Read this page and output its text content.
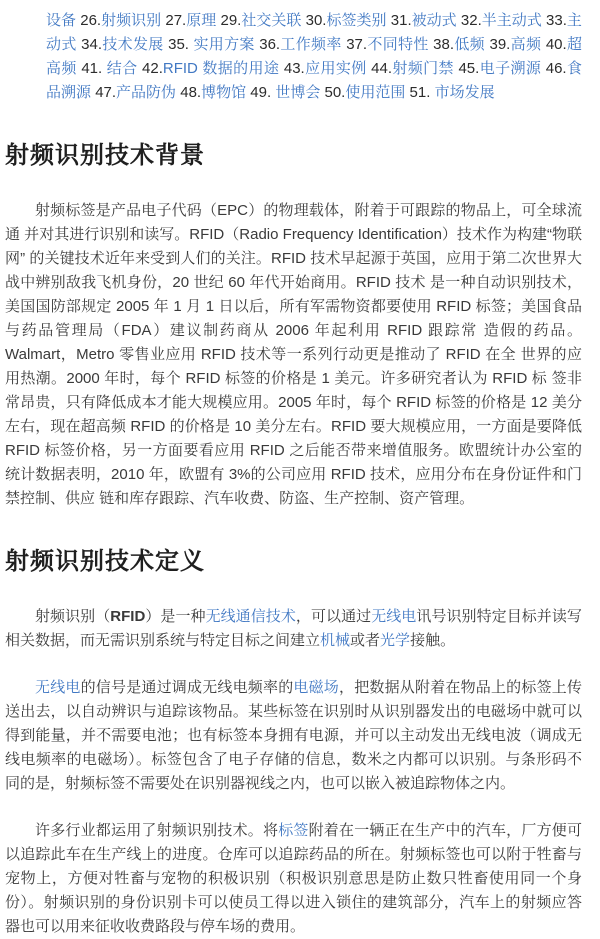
设备 26.射频识别 27.原理 29.社交关联 30.标签类别 31.被动式 32.半主动式 33.主动式 34.技术发展 35. 实用方案 36.工作频率 37.不同特性 38.低频 39.高频 40.超高频 41. 结合 42.RFID 数据的用途 43.应用实例 44.射频门禁 45.电子溯源 46.食品溯源 47.产品防伪 48.博物馆 49. 世博会 50.使用范围 51. 市场发展

射频识别技术背景

射频标签是产品电子代码（EPC）的物理载体，附着于可跟踪的物品上，可全球流通 并对其进行识别和读写。RFID（Radio Frequency Identification）技术作为构建“物联网” 的关键技术近年来受到人们的关注。RFID 技术早起源于英国，应用于第二次世界大战中辨别敌我飞机身份，20 世纪 60 年代开始商用。RFID 技术 是一种自动识别技术，美国国防部规定 2005 年 1 月 1 日以后，所有军需物资都要使用 RFID 标签；美国食品与药品管理局（FDA）建议制药商从 2006 年起利用 RFID 跟踪常 造假的药品。Walmart，Metro 零售业应用 RFID 技术等一系列行动更是推动了 RFID 在全 世界的应用热潮。2000 年时，每个 RFID 标签的价格是 1 美元。许多研究者认为 RFID 标 签非常昂贵，只有降低成本才能大规模应用。2005 年时，每个 RFID 标签的价格是 12 美分 左右，现在超高频 RFID 的价格是 10 美分左右。RFID 要大规模应用，一方面是要降低 RFID 标签价格，另一方面要看应用 RFID 之后能否带来增值服务。欧盟统计办公室的统计数据表明，2010 年，欧盟有 3%的公司应用 RFID 技术，应用分布在身份证件和门禁控制、供应 链和库存跟踪、汽车收费、防盗、生产控制、资产管理。

射频识别技术定义

射频识别（RFID）是一种无线通信技术，可以通过无线电讯号识别特定目标并读写相关数据，而无需识别系统与特定目标之间建立机械或者光学接触。

无线电的信号是通过调成无线电频率的电磁场，把数据从附着在物品上的标签上传送出去，以自动辨识与追踪该物品。某些标签在识别时从识别器发出的电磁场中就可以得到能量，并不需要电池；也有标签本身拥有电源，并可以主动发出无线电波（调成无线电频率的电磁场）。标签包含了电子存储的信息，数米之内都可以识别。与条形码不同的是，射频标签不需要处在识别器视线之内，也可以嵌入被追踪物体之内。

许多行业都运用了射频识别技术。将标签附着在一辆正在生产中的汽车，厂方便可以追踪此车在生产线上的进度。仓库可以追踪药品的所在。射频标签也可以附于牲畜与宠物上，方便对牲畜与宠物的积极识别（积极识别意思是防止数只牲畜使用同一个身份）。射频识别的身份识别卡可以使员工得以进入锁住的建筑部分，汽车上的射频应答器也可以用来征收收费路段与停车场的费用。
